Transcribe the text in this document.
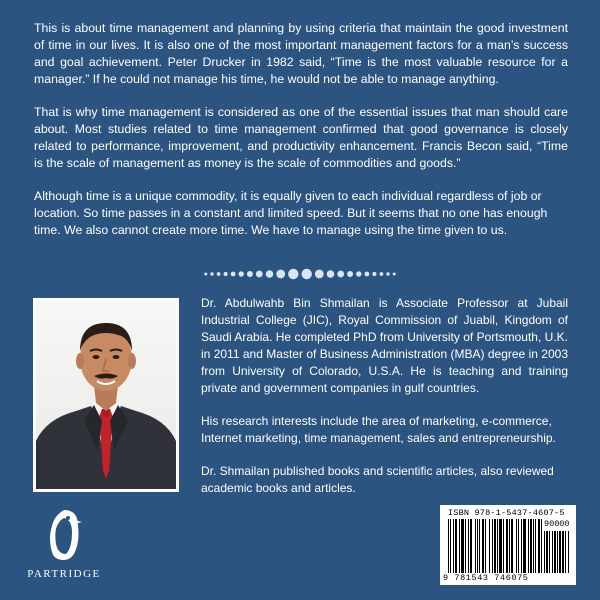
This is about time management and planning by using criteria that maintain the good investment of time in our lives. It is also one of the most important management factors for a man’s success and goal achievement. Peter Drucker in 1982 said, “Time is the most valuable resource for a manager.” If he could not manage his time, he would not be able to manage anything.

That is why time management is considered as one of the essential issues that man should care about. Most studies related to time management confirmed that good governance is closely related to performance, improvement, and productivity enhancement. Francis Becon said, “Time is the scale of management as money is the scale of commodities and goods.”

Although time is a unique commodity, it is equally given to each individual regardless of job or location. So time passes in a constant and limited speed. But it seems that no one has enough time. We also cannot create more time. We have to manage using the time given to us.

Dr. Abdulwahb Bin Shmailan is Associate Professor at Jubail Industrial College (JIC), Royal Commission of Juabil, Kingdom of Saudi Arabia. He completed PhD from University of Portsmouth, U.K. in 2011 and Master of Business Administration (MBA) degree in 2003 from University of Colorado, U.S.A. He is teaching and training private and government companies in gulf countries.

His research interests include the area of marketing, e-commerce, Internet marketing, time management, sales and entrepreneurship.

Dr. Shmailan published books and scientific articles, also reviewed academic books and articles.

PARTRIDGE
ISBN 978-1-5437-4607-5
90000
9 781543 746075
